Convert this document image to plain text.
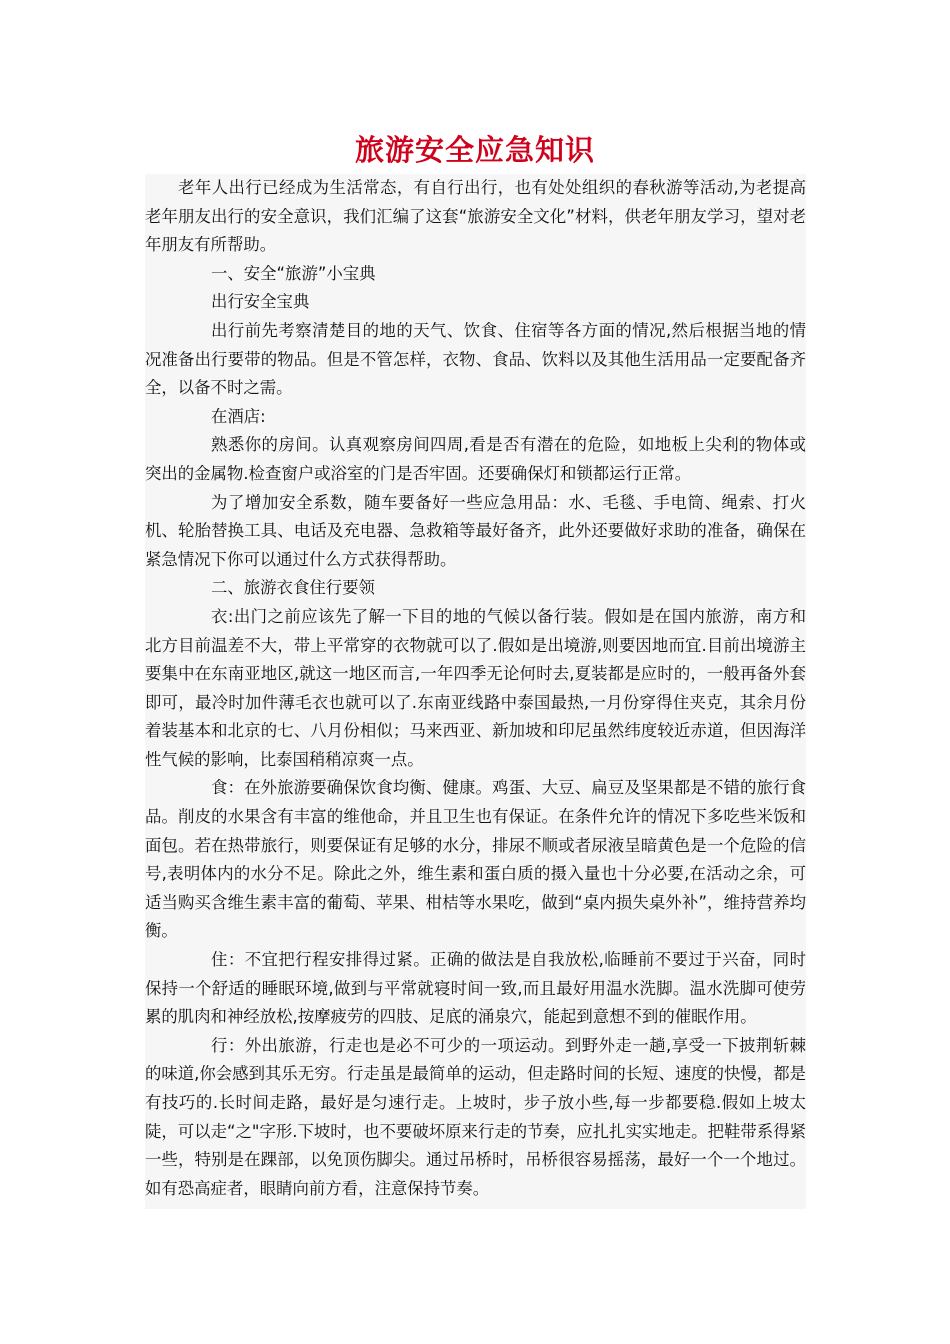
旅游安全应急知识

老年人出行已经成为生活常态，有自行出行，也有处处组织的春秋游等活动,为老提高老年朋友出行的安全意识，我们汇编了这套“旅游安全文化”材料，供老年朋友学习，望对老年朋友有所帮助。

一、安全“旅游”小宝典

出行安全宝典

出行前先考察清楚目的地的天气、饮食、住宿等各方面的情况,然后根据当地的情况准备出行要带的物品。但是不管怎样，衣物、食品、饮料以及其他生活用品一定要配备齐全，以备不时之需。

在酒店:

熟悉你的房间。认真观察房间四周,看是否有潜在的危险，如地板上尖利的物体或突出的金属物.检查窗户或浴室的门是否牢固。还要确保灯和锁都运行正常。

为了增加安全系数，随车要备好一些应急用品：水、毛毯、手电筒、绳索、打火机、轮胎替换工具、电话及充电器、急救箱等最好备齐，此外还要做好求助的准备，确保在紧急情况下你可以通过什么方式获得帮助。

二、旅游衣食住行要领

衣:出门之前应该先了解一下目的地的气候以备行装。假如是在国内旅游，南方和北方目前温差不大，带上平常穿的衣物就可以了.假如是出境游,则要因地而宜.目前出境游主要集中在东南亚地区,就这一地区而言,一年四季无论何时去,夏装都是应时的，一般再备外套即可，最冷时加件薄毛衣也就可以了.东南亚线路中泰国最热,一月份穿得住夹克，其余月份着装基本和北京的七、八月份相似；马来西亚、新加坡和印尼虽然纬度较近赤道，但因海洋性气候的影响，比泰国稍稍凉爽一点。

食：在外旅游要确保饮食均衡、健康。鸡蛋、大豆、扁豆及坚果都是不错的旅行食品。削皮的水果含有丰富的维他命，并且卫生也有保证。在条件允许的情况下多吃些米饭和面包。若在热带旅行，则要保证有足够的水分，排尿不顺或者尿液呈暗黄色是一个危险的信号,表明体内的水分不足。除此之外，维生素和蛋白质的摄入量也十分必要,在活动之余，可适当购买含维生素丰富的葡萄、苹果、柑桔等水果吃，做到“桌内损失桌外补”，维持营养均衡。

住：不宜把行程安排得过紧。正确的做法是自我放松,临睡前不要过于兴奋，同时保持一个舒适的睡眠环境,做到与平常就寝时间一致,而且最好用温水洗脚。温水洗脚可使劳累的肌肉和神经放松,按摩疲劳的四肢、足底的涌泉穴，能起到意想不到的催眠作用。

行：外出旅游，行走也是必不可少的一项运动。到野外走一趟,享受一下披荆斩棘的味道,你会感到其乐无穷。行走虽是最简单的运动，但走路时间的长短、速度的快慢，都是有技巧的.长时间走路，最好是匀速行走。上坡时，步子放小些,每一步都要稳.假如上坡太陡，可以走“之"字形.下坡时，也不要破坏原来行走的节奏，应扎扎实实地走。把鞋带系得紧一些，特别是在踝部，以免顶伤脚尖。通过吊桥时，吊桥很容易摇荡，最好一个一个地过。如有恐高症者，眼睛向前方看，注意保持节奏。
